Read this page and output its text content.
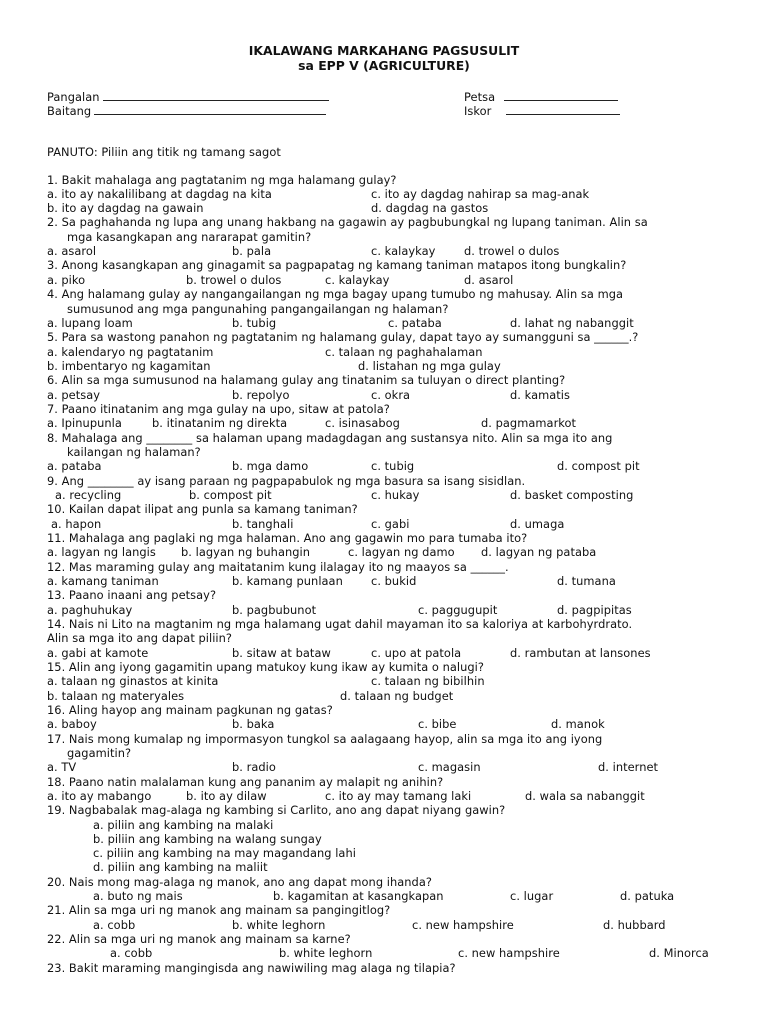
IKALAWANG MARKAHANG PAGSUSULIT
sa EPP V (AGRICULTURE)
Pangalan
Baitang
Petsa
Iskor
PANUTO: Piliin ang titik ng tamang sagot
1. Bakit mahalaga ang pagtatanim ng mga halamang gulay?
a. ito ay nakalilibang at dagdag na kita	c. ito ay dagdag nahirap sa mag-anak
b. ito ay dagdag na gawain	d. dagdag na gastos
2. Sa paghahanda ng lupa ang unang hakbang na gagawin ay pagbubungkal ng lupang taniman. Alin sa
mga kasangkapan ang nararapat gamitin?
a. asarol	b. pala	c. kalaykay	d. trowel o dulos
3. Anong kasangkapan ang ginagamit sa pagpapatag ng kamang taniman matapos itong bungkalin?
a. piko	b. trowel o dulos	c. kalaykay	d. asarol
4. Ang halamang gulay ay nangangailangan ng mga bagay upang tumubo ng mahusay. Alin sa mga
sumusunod ang mga pangunahing pangangailangan ng halaman?
a. lupang loam	b. tubig	c. pataba	d. lahat ng nabanggit
5. Para sa wastong panahon ng pagtatanim ng halamang gulay, dapat tayo ay sumangguni sa ______.?
a. kalendaryo ng pagtatanim	c. talaan ng paghahalaman
b. imbentaryo ng kagamitan	d. listahan ng mga gulay
6. Alin sa mga sumusunod na halamang gulay ang tinatanim sa tuluyan o direct planting?
a. petsay	b. repolyo	c. okra	d. kamatis
7. Paano itinatanim ang mga gulay na upo, sitaw at patola?
a. Ipinupunla	b. itinatanim ng direkta	c. isinasabog	d. pagmamarkot
8. Mahalaga ang ________ sa halaman upang madagdagan ang sustansya nito. Alin sa mga ito ang
kailangan ng halaman?
a. pataba	b. mga damo	c. tubig	d. compost pit
9. Ang ________ ay isang paraan ng pagpapabulok ng mga basura sa isang sisidlan.
a. recycling	b. compost pit	c. hukay	d. basket composting
10. Kailan dapat ilipat ang punla sa kamang taniman?
a. hapon	b. tanghali	c. gabi	d. umaga
11. Mahalaga ang paglaki ng mga halaman. Ano ang gagawin mo para tumaba ito?
a. lagyan ng langis b. lagyan ng buhangin	c. lagyan ng damo d. lagyan ng pataba
12. Mas maraming gulay ang maitatanim kung ilalagay ito ng maayos sa ______.
a. kamang taniman	b. kamang punlaan c. bukid	d. tumana
13. Paano inaani ang petsay?
a. paghuhukay	b. pagbubunot	c. paggugupit	d. pagpipitas
14. Nais ni Lito na magtanim ng mga halamang ugat dahil mayaman ito sa kaloriya at karbohyrdrato.
Alin sa mga ito ang dapat piliin?
a. gabi at kamote	b. sitaw at bataw	c. upo at patola	d. rambutan at lansones
15. Alin ang iyong gagamitin upang matukoy kung ikaw ay kumita o nalugi?
a. talaan ng ginastos at kinita	c. talaan ng bibilhin
b. talaan ng materyales	d. talaan ng budget
16. Aling hayop ang mainam pagkunan ng gatas?
a. baboy	b. baka	c. bibe	d. manok
17. Nais mong kumalap ng impormasyon tungkol sa aalagaang hayop, alin sa mga ito ang iyong
gagamitin?
a. TV	b. radio	c. magasin	d. internet
18. Paano natin malalaman kung ang pananim ay malapit ng anihin?
a. ito ay mabango	b. ito ay dilaw	c. ito ay may tamang laki	d. wala sa nabanggit
19. Nagbabalak mag-alaga ng kambing si Carlito, ano ang dapat niyang gawin?
a. piliin ang kambing na malaki
b. piliin ang kambing na walang sungay
c. piliin ang kambing na may magandang lahi
d. piliin ang kambing na maliit
20. Nais mong mag-alaga ng manok, ano ang dapat mong ihanda?
a. buto ng mais	b. kagamitan at kasangkapan	c. lugar	d. patuka
21. Alin sa mga uri ng manok ang mainam sa pangingitlog?
a. cobb	b. white leghorn	c. new hampshire	d. hubbard
22. Alin sa mga uri ng manok ang mainam sa karne?
a. cobb	b. white leghorn	c. new hampshire	d. Minorca
23. Bakit maraming mangingisda ang nawiwiling mag alaga ng tilapia?
